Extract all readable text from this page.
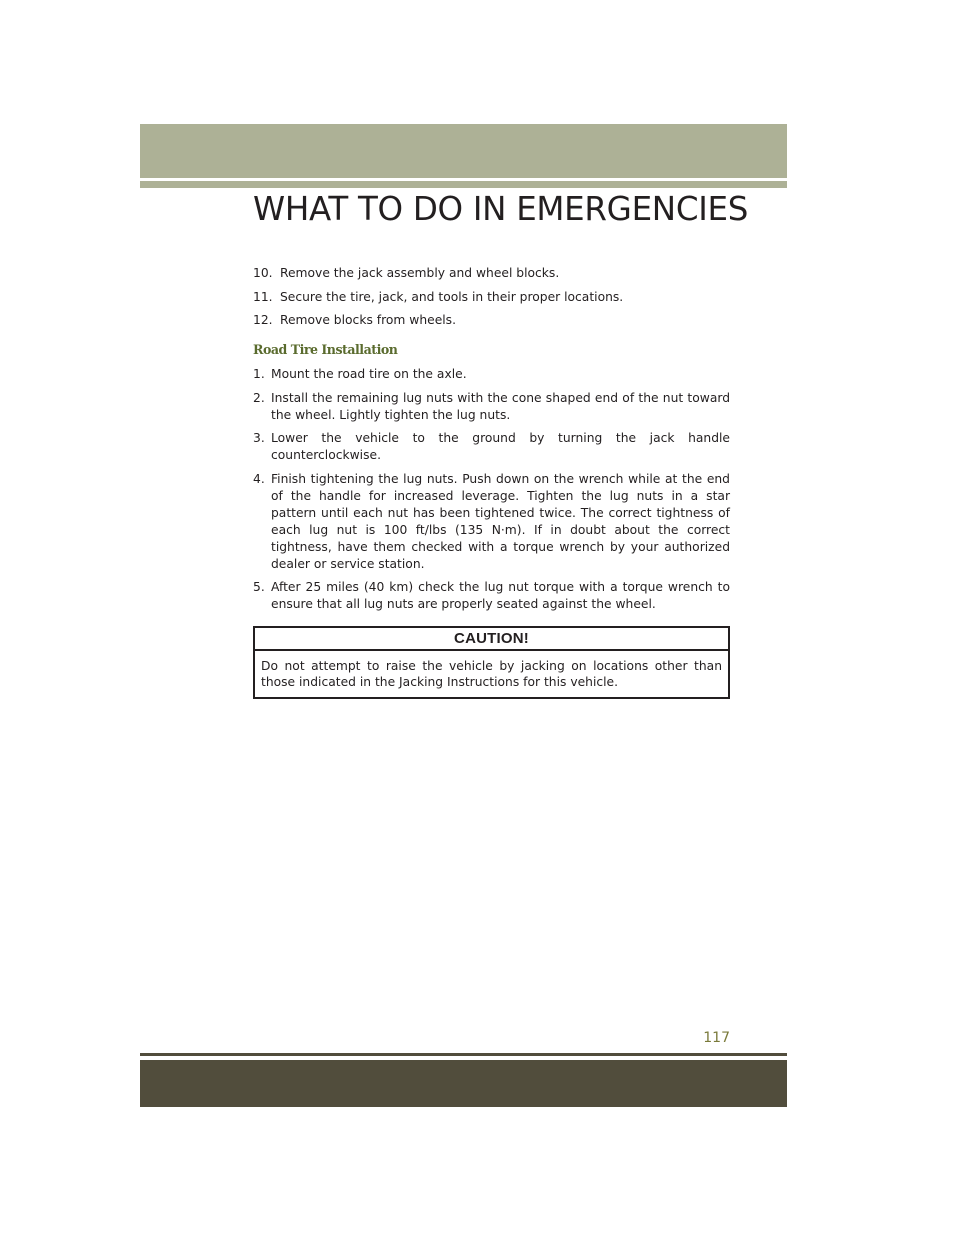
WHAT TO DO IN EMERGENCIES
10. Remove the jack assembly and wheel blocks.
11. Secure the tire, jack, and tools in their proper locations.
12. Remove blocks from wheels.
Road Tire Installation
1. Mount the road tire on the axle.
2. Install the remaining lug nuts with the cone shaped end of the nut toward the wheel. Lightly tighten the lug nuts.
3. Lower the vehicle to the ground by turning the jack handle counterclockwise.
4. Finish tightening the lug nuts. Push down on the wrench while at the end of the handle for increased leverage. Tighten the lug nuts in a star pattern until each nut has been tightened twice. The correct tightness of each lug nut is 100 ft/lbs (135 N·m). If in doubt about the correct tightness, have them checked with a torque wrench by your authorized dealer or service station.
5. After 25 miles (40 km) check the lug nut torque with a torque wrench to ensure that all lug nuts are properly seated against the wheel.
CAUTION!
Do not attempt to raise the vehicle by jacking on locations other than those indicated in the Jacking Instructions for this vehicle.
117
